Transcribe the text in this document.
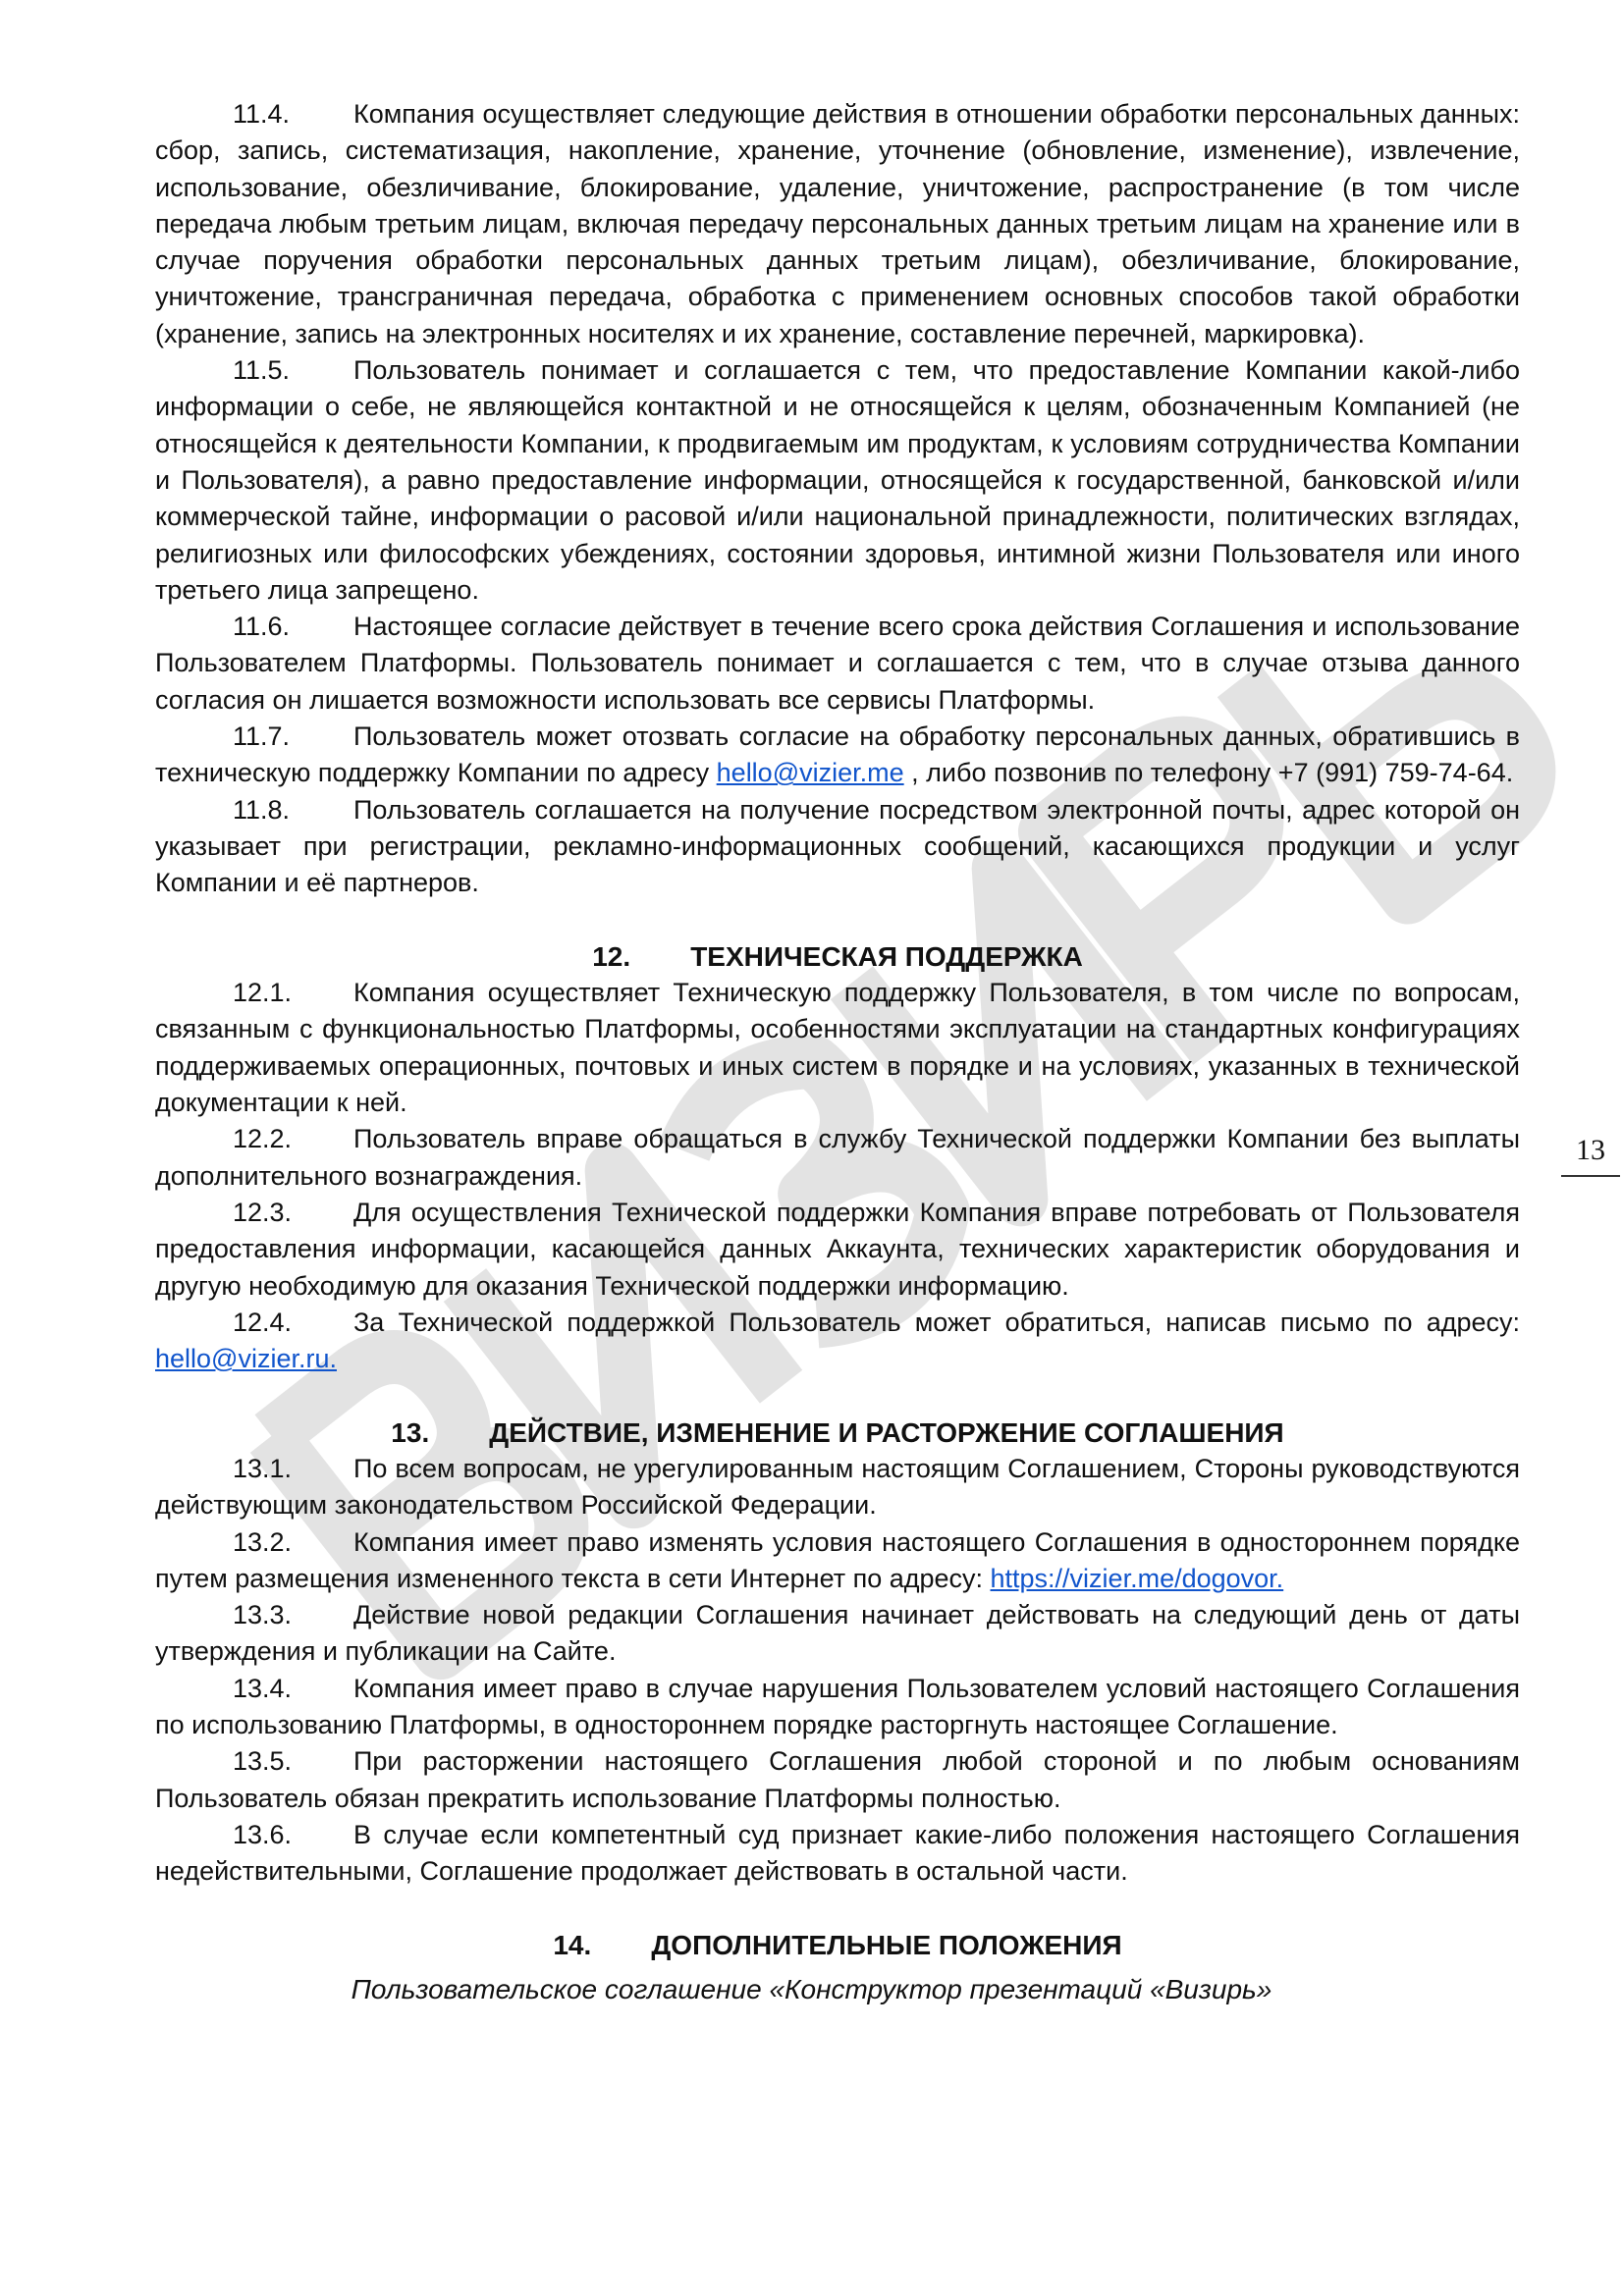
11.4. Компания осуществляет следующие действия в отношении обработки персональных данных: сбор, запись, систематизация, накопление, хранение, уточнение (обновление, изменение), извлечение, использование, обезличивание, блокирование, удаление, уничтожение, распространение (в том числе передача любым третьим лицам, включая передачу персональных данных третьим лицам на хранение или в случае поручения обработки персональных данных третьим лицам), обезличивание, блокирование, уничтожение, трансграничная передача, обработка с применением основных способов такой обработки (хранение, запись на электронных носителях и их хранение, составление перечней, маркировка).

11.5. Пользователь понимает и соглашается с тем, что предоставление Компании какой-либо информации о себе, не являющейся контактной и не относящейся к целям, обозначенным Компанией (не относящейся к деятельности Компании, к продвигаемым им продуктам, к условиям сотрудничества Компании и Пользователя), а равно предоставление информации, относящейся к государственной, банковской и/или коммерческой тайне, информации о расовой и/или национальной принадлежности, политических взглядах, религиозных или философских убеждениях, состоянии здоровья, интимной жизни Пользователя или иного третьего лица запрещено.

11.6. Настоящее согласие действует в течение всего срока действия Соглашения и использование Пользователем Платформы. Пользователь понимает и соглашается с тем, что в случае отзыва данного согласия он лишается возможности использовать все сервисы Платформы.

11.7. Пользователь может отозвать согласие на обработку персональных данных, обратившись в техническую поддержку Компании по адресу hello@vizier.me , либо позвонив по телефону +7 (991) 759-74-64.

11.8. Пользователь соглашается на получение посредством электронной почты, адрес которой он указывает при регистрации, рекламно-информационных сообщений, касающихся продукции и услуг Компании и её партнеров.

12. ТЕХНИЧЕСКАЯ ПОДДЕРЖКА

12.1. Компания осуществляет Техническую поддержку Пользователя, в том числе по вопросам, связанным с функциональностью Платформы, особенностями эксплуатации на стандартных конфигурациях поддерживаемых операционных, почтовых и иных систем в порядке и на условиях, указанных в технической документации к ней.

12.2. Пользователь вправе обращаться в службу Технической поддержки Компании без выплаты дополнительного вознаграждения.

12.3. Для осуществления Технической поддержки Компания вправе потребовать от Пользователя предоставления информации, касающейся данных Аккаунта, технических характеристик оборудования и другую необходимую для оказания Технической поддержки информацию.

12.4. За Технической поддержкой Пользователь может обратиться, написав письмо по адресу: hello@vizier.ru.

13. ДЕЙСТВИЕ, ИЗМЕНЕНИЕ И РАСТОРЖЕНИЕ СОГЛАШЕНИЯ

13.1. По всем вопросам, не урегулированным настоящим Соглашением, Стороны руководствуются действующим законодательством Российской Федерации.

13.2. Компания имеет право изменять условия настоящего Соглашения в одностороннем порядке путем размещения измененного текста в сети Интернет по адресу: https://vizier.me/dogovor.

13.3. Действие новой редакции Соглашения начинает действовать на следующий день от даты утверждения и публикации на Сайте.

13.4. Компания имеет право в случае нарушения Пользователем условий настоящего Соглашения по использованию Платформы, в одностороннем порядке расторгнуть настоящее Соглашение.

13.5. При расторжении настоящего Соглашения любой стороной и по любым основаниям Пользователь обязан прекратить использование Платформы полностью.

13.6. В случае если компетентный суд признает какие-либо положения настоящего Соглашения недействительными, Соглашение продолжает действовать в остальной части.

14. ДОПОЛНИТЕЛЬНЫЕ ПОЛОЖЕНИЯ
Пользовательское соглашение «Конструктор презентаций «Визирь»
13
